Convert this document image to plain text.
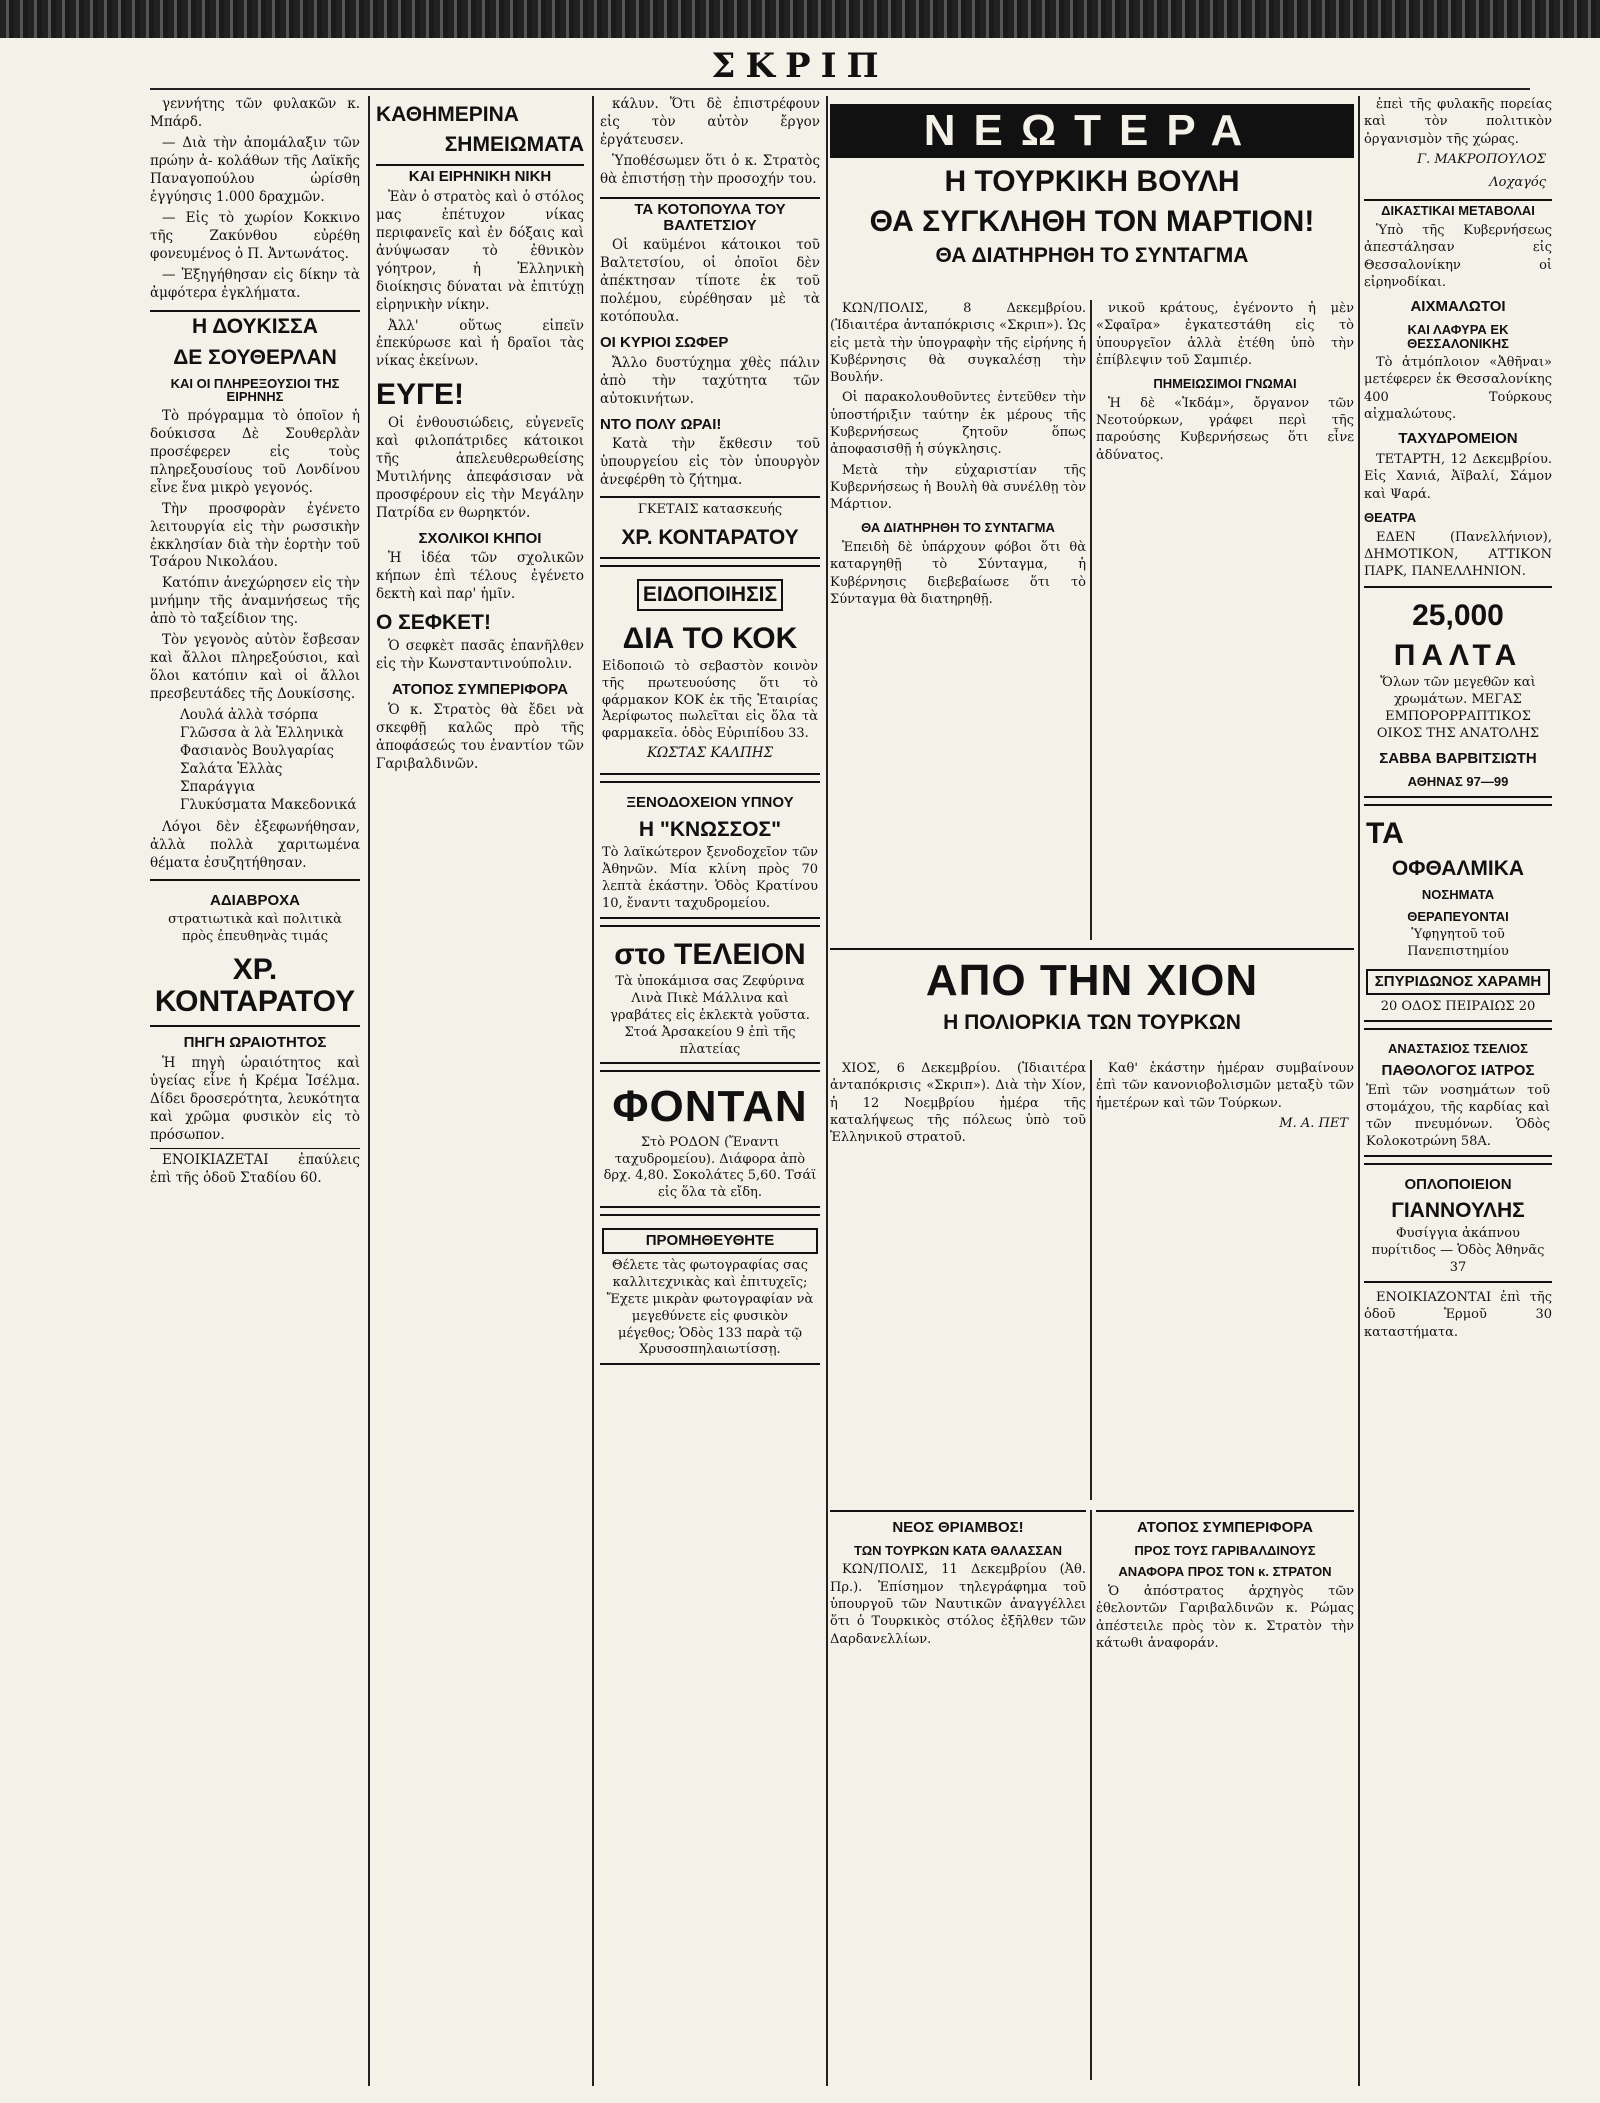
ΣΚΡΙΠ

γεννήτης τῶν φυλακῶν κ. Μπάρδ.

— Διὰ τὴν ἀπομάλαξιν τῶν πρώην ἀ- κολάθων τῆς Λαϊκῆς Παναγοπούλου ὡρίσθη ἐγγύησις 1.000 δραχμῶν.

— Εἰς τὸ χωρίον Κοκκινο τῆς Ζακύνθου εὐρέθη φονευμένος ὁ Π. Ἀντωνάτος.

— Ἐξηγήθησαν εἰς δίκην τὰ ἀμφότερα ἐγκλήματα.

Η ΔΟΥΚΙΣΣΑ
ΔΕ ΣΟΥΘΕΡΛΑΝ
ΚΑΙ ΟΙ ΠΛΗΡΕΞΟΥΣΙΟΙ ΤΗΣ ΕΙΡΗΝΗΣ

Τὸ πρόγραμμα τὸ ὁποῖον ἡ δούκισσα Δὲ Σουθερλὰν προσέφερεν εἰς τοὺς πληρεξουσίους τοῦ Λονδίνου εἶνε ἕνα μικρὸ γεγονός.

Τὴν προσφορὰν ἐγένετο λειτουργία εἰς τὴν ρωσσικὴν ἐκκλησίαν διὰ τὴν ἑορτὴν τοῦ Τσάρου Νικολάου.

Κατόπιν ἀνεχώρησεν εἰς τὴν μνήμην τῆς ἀναμνήσεως τῆς ἀπὸ τὸ ταξείδιον της.

Τὸν γεγονὸς αὐτὸν ἔσβεσαν καὶ ἄλλοι πληρεξούσιοι, καὶ ὅλοι κατόπιν καὶ οἱ ἄλλοι πρεσβευτάδες τῆς Δουκίσσης.

Λουλά ἀλλὰ τσόρπα
Γλῶσσα ὰ λὰ Ἑλληνικὰ
Φασιανὸς Βουλγαρίας
Σαλάτα Ἑλλὰς
Σπαράγγια
Γλυκύσματα Μακεδονικά

Λόγοι δὲν ἐξεφωνήθησαν, ἀλλὰ πολλὰ χαριτωμένα θέματα ἐσυζητήθησαν.

ΑΔΙΑΒΡΟΧΑ
στρατιωτικὰ καὶ πολιτικὰ πρὸς ἐπευθηνὰς τιμάς
ΧΡ. ΚΟΝΤΑΡΑΤΟΥ
ΠΗΓΗ ΩΡΑΙΟΤΗΤΟΣ

Ἡ πηγὴ ὡραιότητος καὶ ὑγείας εἶνε ἡ Κρέμα Ἰσέλμα. Δίδει δροσερότητα, λευκότητα καὶ χρῶμα φυσικὸν εἰς τὸ πρόσωπον.

ΕΝΟΙΚΙΑΖΕΤΑΙ ἐπαύλεις ἐπὶ τῆς ὁδοῦ Σταδίου 60.

ΚΑΘΗΜΕΡΙΝΑ
ΣΗΜΕΙΩΜΑΤΑ
ΚΑΙ ΕΙΡΗΝΙΚΗ ΝΙΚΗ

Ἐὰν ὁ στρατὸς καὶ ὁ στόλος μας ἐπέτυχον νίκας περιφανεῖς καὶ ἐν δόξαις καὶ ἀνύψωσαν τὸ ἐθνικὸν γόητρον, ἡ Ἑλληνικὴ διοίκησις δύναται νὰ ἐπιτύχῃ εἰρηνικὴν νίκην.

Ἀλλ' οὕτως εἰπεῖν ἐπεκύρωσε καὶ ἡ δραῖοι τὰς νίκας ἐκείνων.

ΕΥΓΕ!

Οἱ ἐνθουσιώδεις, εὐγενεῖς καὶ φιλοπάτριδες κάτοικοι τῆς ἀπελευθερωθείσης Μυτιλήνης ἀπεφάσισαν νὰ προσφέρουν εἰς τὴν Μεγάλην Πατρίδα εν θωρηκτόν.

ΣΧΟΛΙΚΟΙ ΚΗΠΟΙ

Ἡ ἰδέα τῶν σχολικῶν κήπων ἐπὶ τέλους ἐγένετο δεκτὴ καὶ παρ' ἡμῖν.

Ο ΣΕΦΚΕΤ!

Ὁ σεφκὲτ πασᾶς ἐπανῆλθεν εἰς τὴν Κωνσταντινούπολιν.

ΑΤΟΠΟΣ ΣΥΜΠΕΡΙΦΟΡΑ

Ὁ κ. Στρατὸς θὰ ἔδει νὰ σκεφθῇ καλῶς πρὸ τῆς ἀποφάσεώς του ἐναντίον τῶν Γαριβαλδινῶν.

κάλυν. Ὅτι δὲ ἐπιστρέφουν εἰς τὸν αὐτὸν ἔργον ἐργάτευσεν.

Ὑποθέσωμεν ὅτι ὁ κ. Στρατὸς θὰ ἐπιστήσῃ τὴν προσοχήν του.

ΤΑ ΚΟΤΟΠΟΥΛΑ ΤΟΥ ΒΑΛΤΕΤΣΙΟΥ

Οἱ καϋμένοι κάτοικοι τοῦ Βαλτετσίου, οἱ ὁποῖοι δὲν ἀπέκτησαν τίποτε ἐκ τοῦ πολέμου, εὐρέθησαν μὲ τὰ κοτόπουλα.

ΟΙ ΚΥΡΙΟΙ ΣΩΦΕΡ

Ἄλλο δυστύχημα χθὲς πάλιν ἀπὸ τὴν ταχύτητα τῶν αὐτοκινήτων.

ΝΤΟ ΠΟΛΥ ΩΡΑΙ!

Κατὰ τὴν ἔκθεσιν τοῦ ὑπουργείου εἰς τὸν ὑπουργὸν ἀνεφέρθη τὸ ζήτημα.

ΓΚΕΤΑΙΣ κατασκευής
ΧΡ. ΚΟΝΤΑΡΑΤΟΥ
ΕΙΔΟΠΟΙΗΣΙΣ
ΔΙΑ ΤΟ ΚΟΚ
Εἰδοποιῶ τὸ σεβαστὸν κοινὸν τῆς πρωτευούσης ὅτι τὸ φάρμακον ΚΟΚ ἐκ τῆς Ἑταιρίας Ἀερίφωτος πωλεῖται εἰς ὅλα τὰ φαρμακεῖα. ὁδὸς Εὐριπίδου 33.
ΚΩΣΤΑΣ ΚΑΛΠΗΣ
ΞΕΝΟΔΟΧΕΙΟΝ ΥΠΝΟΥ
Η "ΚΝΩΣΣΟΣ"
Τὸ λαϊκώτερον ξενοδοχεῖον τῶν Ἀθηνῶν. Μία κλίνη πρὸς 70 λεπτὰ ἑκάστην. Ὁδὸς Κρατίνου 10, ἔναντι ταχυδρομείου.
στο ΤΕΛΕΙΟΝ
Τὰ ὑποκάμισα σας Ζεφύρινα Λινὰ Πικὲ Μάλλινα καὶ γραβάτες εἰς ἐκλεκτὰ γοῦστα. Στοά Ἀρσακείου 9 ἐπὶ τῆς πλατείας
ΦΟΝΤΑΝ
Στὸ ΡΟΔΟΝ (Ἔναντι ταχυδρομείου). Διάφορα ἀπὸ δρχ. 4,80. Σοκολάτες 5,60. Τσάϊ εἰς ὅλα τὰ εἴδη.
ΠΡΟΜΗΘΕΥΘΗΤΕ
Θέλετε τὰς φωτογραφίας σας καλλιτεχνικὰς καὶ ἐπιτυχεῖς; Ἔχετε μικρὰν φωτογραφίαν νὰ μεγεθύνετε εἰς φυσικὸν μέγεθος; Ὁδὸς 133 παρὰ τῷ Χρυσοσπηλαιωτίσσῃ.
ΝΕΩΤΕΡΑ
Η ΤΟΥΡΚΙΚΗ ΒΟΥΛΗ
ΘΑ ΣΥΓΚΛΗΘΗ ΤΟΝ ΜΑΡΤΙΟΝ!
ΘΑ ΔΙΑΤΗΡΗΘΗ ΤΟ ΣΥΝΤΑΓΜΑ

ΚΩΝ/ΠΟΛΙΣ, 8 Δεκεμβρίου. (Ἰδιαιτέρα ἀνταπόκρισις «Σκριπ»). Ὡς εἰς μετὰ τὴν ὑπογραφὴν τῆς εἰρήνης ἡ Κυβέρνησις θὰ συγκαλέσῃ τὴν Βουλήν.

Οἱ παρακολουθοῦντες ἐντεῦθεν τὴν ὑποστήριξιν ταύτην ἐκ μέρους τῆς Κυβερνήσεως ζητοῦν ὅπως ἀποφασισθῇ ἡ σύγκλησις.

Μετὰ τὴν εὐχαριστίαν τῆς Κυβερνήσεως ἡ Βουλὴ θὰ συνέλθῃ τὸν Μάρτιον.

ΘΑ ΔΙΑΤΗΡΗΘΗ ΤΟ ΣΥΝΤΑΓΜΑ

Ἐπειδὴ δὲ ὑπάρχουν φόβοι ὅτι θὰ καταργηθῇ τὸ Σύνταγμα, ἡ Κυβέρνησις διεβεβαίωσε ὅτι τὸ Σύνταγμα θὰ διατηρηθῇ.

νικοῦ κράτους, ἐγένοντο ἡ μὲν «Σφαῖρα» ἐγκατεστάθη εἰς τὸ ὑπουργεῖον ἀλλὰ ἐτέθη ὑπὸ τὴν ἐπίβλεψιν τοῦ Σαμπιέρ.

ΠΗΜΕΙΩΣΙΜΟΙ ΓΝΩΜΑΙ

Ἡ δὲ «Ἰκδάμ», ὄργανον τῶν Νεοτούρκων, γράφει περὶ τῆς παρούσης Κυβερνήσεως ὅτι εἶνε ἀδύνατος.

ΑΠΟ ΤΗΝ ΧΙΟΝ
Η ΠΟΛΙΟΡΚΙΑ ΤΩΝ ΤΟΥΡΚΩΝ

ΧΙΟΣ, 6 Δεκεμβρίου. (Ἰδιαιτέρα ἀνταπόκρισις «Σκριπ»). Διὰ τὴν Χίον, ἡ 12 Νοεμβρίου ἡμέρα τῆς καταλήψεως τῆς πόλεως ὑπὸ τοῦ Ἑλληνικοῦ στρατοῦ.

Καθ' ἑκάστην ἡμέραν συμβαίνουν ἐπὶ τῶν κανονιοβολισμῶν μεταξὺ τῶν ἡμετέρων καὶ τῶν Τούρκων.

Μ. Α. ΠΕΤ
ΝΕΟΣ ΘΡΙΑΜΒΟΣ!
ΤΩΝ ΤΟΥΡΚΩΝ ΚΑΤΑ ΘΑΛΑΣΣΑΝ

ΚΩΝ/ΠΟΛΙΣ, 11 Δεκεμβρίου (Ἀθ. Πρ.). Ἐπίσημον τηλεγράφημα τοῦ ὑπουργοῦ τῶν Ναυτικῶν ἀναγγέλλει ὅτι ὁ Τουρκικὸς στόλος ἐξῆλθεν τῶν Δαρδανελλίων.

ΑΤΟΠΟΣ ΣΥΜΠΕΡΙΦΟΡΑ
ΠΡΟΣ ΤΟΥΣ ΓΑΡΙΒΑΛΔΙΝΟΥΣ
ΑΝΑΦΟΡΑ ΠΡΟΣ ΤΟΝ κ. ΣΤΡΑΤΟΝ

Ὁ ἀπόστρατος ἀρχηγὸς τῶν ἐθελοντῶν Γαριβαλδινῶν κ. Ρώμας ἀπέστειλε πρὸς τὸν κ. Στρατὸν τὴν κάτωθι ἀναφοράν.

ἐπεὶ τῆς φυλακῆς πορείας καὶ τὸν πολιτικὸν ὀργανισμὸν τῆς χώρας.

Γ. ΜΑΚΡΟΠΟΥΛΟΣ
Λοχαγός
ΔΙΚΑΣΤΙΚΑΙ ΜΕΤΑΒΟΛΑΙ

Ὑπὸ τῆς Κυβερνήσεως ἀπεστάλησαν εἰς Θεσσαλονίκην οἱ εἰρηνοδίκαι.

ΑΙΧΜΑΛΩΤΟΙ
ΚΑΙ ΛΑΦΥΡΑ ΕΚ ΘΕΣΣΑΛΟΝΙΚΗΣ

Τὸ ἀτμόπλοιον «Ἀθῆναι» μετέφερεν ἐκ Θεσσαλονίκης 400 Τούρκους αἰχμαλώτους.

ΤΑΧΥΔΡΟΜΕΙΟΝ

ΤΕΤΑΡΤΗ, 12 Δεκεμβρίου. Εἰς Χανιά, Ἀϊβαλί, Σάμον καὶ Ψαρά.

ΘΕΑΤΡΑ

ΕΔΕΝ (Πανελλήνιον), ΔΗΜΟΤΙΚΟΝ, ΑΤΤΙΚΟΝ ΠΑΡΚ, ΠΑΝΕΛΛΗΝΙΟΝ.

25,000
ΠΑΛΤΑ
Ὅλων τῶν μεγεθῶν καὶ χρωμάτων. ΜΕΓΑΣ ΕΜΠΟΡΟΡΡΑΠΤΙΚΟΣ ΟΙΚΟΣ ΤΗΣ ΑΝΑΤΟΛΗΣ
ΣΑΒΒΑ ΒΑΡΒΙΤΣΙΩΤΗ
ΑΘΗΝΑΣ 97—99
ΤΑ
ΟΦΘΑΛΜΙΚΑ
ΝΟΣΗΜΑΤΑ
ΘΕΡΑΠΕΥΟΝΤΑΙ
Ὑφηγητοῦ τοῦ Πανεπιστημίου
ΣΠΥΡΙΔΩΝΟΣ ΧΑΡΑΜΗ
20 ΟΔΟΣ ΠΕΙΡΑΙΩΣ 20
ΑΝΑΣΤΑΣΙΟΣ ΤΣΕΛΙΟΣ
ΠΑΘΟΛΟΓΟΣ ΙΑΤΡΟΣ
Ἐπὶ τῶν νοσημάτων τοῦ στομάχου, τῆς καρδίας καὶ τῶν πνευμόνων. Ὁδὸς Κολοκοτρώνη 58Α.
ΟΠΛΟΠΟΙΕΙΟΝ
ΓΙΑΝΝΟΥΛΗΣ
Φυσίγγια ἀκάπνου πυρίτιδος — Ὁδὸς Ἀθηνᾶς 37

ΕΝΟΙΚΙΑΖΟΝΤΑΙ ἐπὶ τῆς ὁδοῦ Ἐρμοῦ 30 καταστήματα.
